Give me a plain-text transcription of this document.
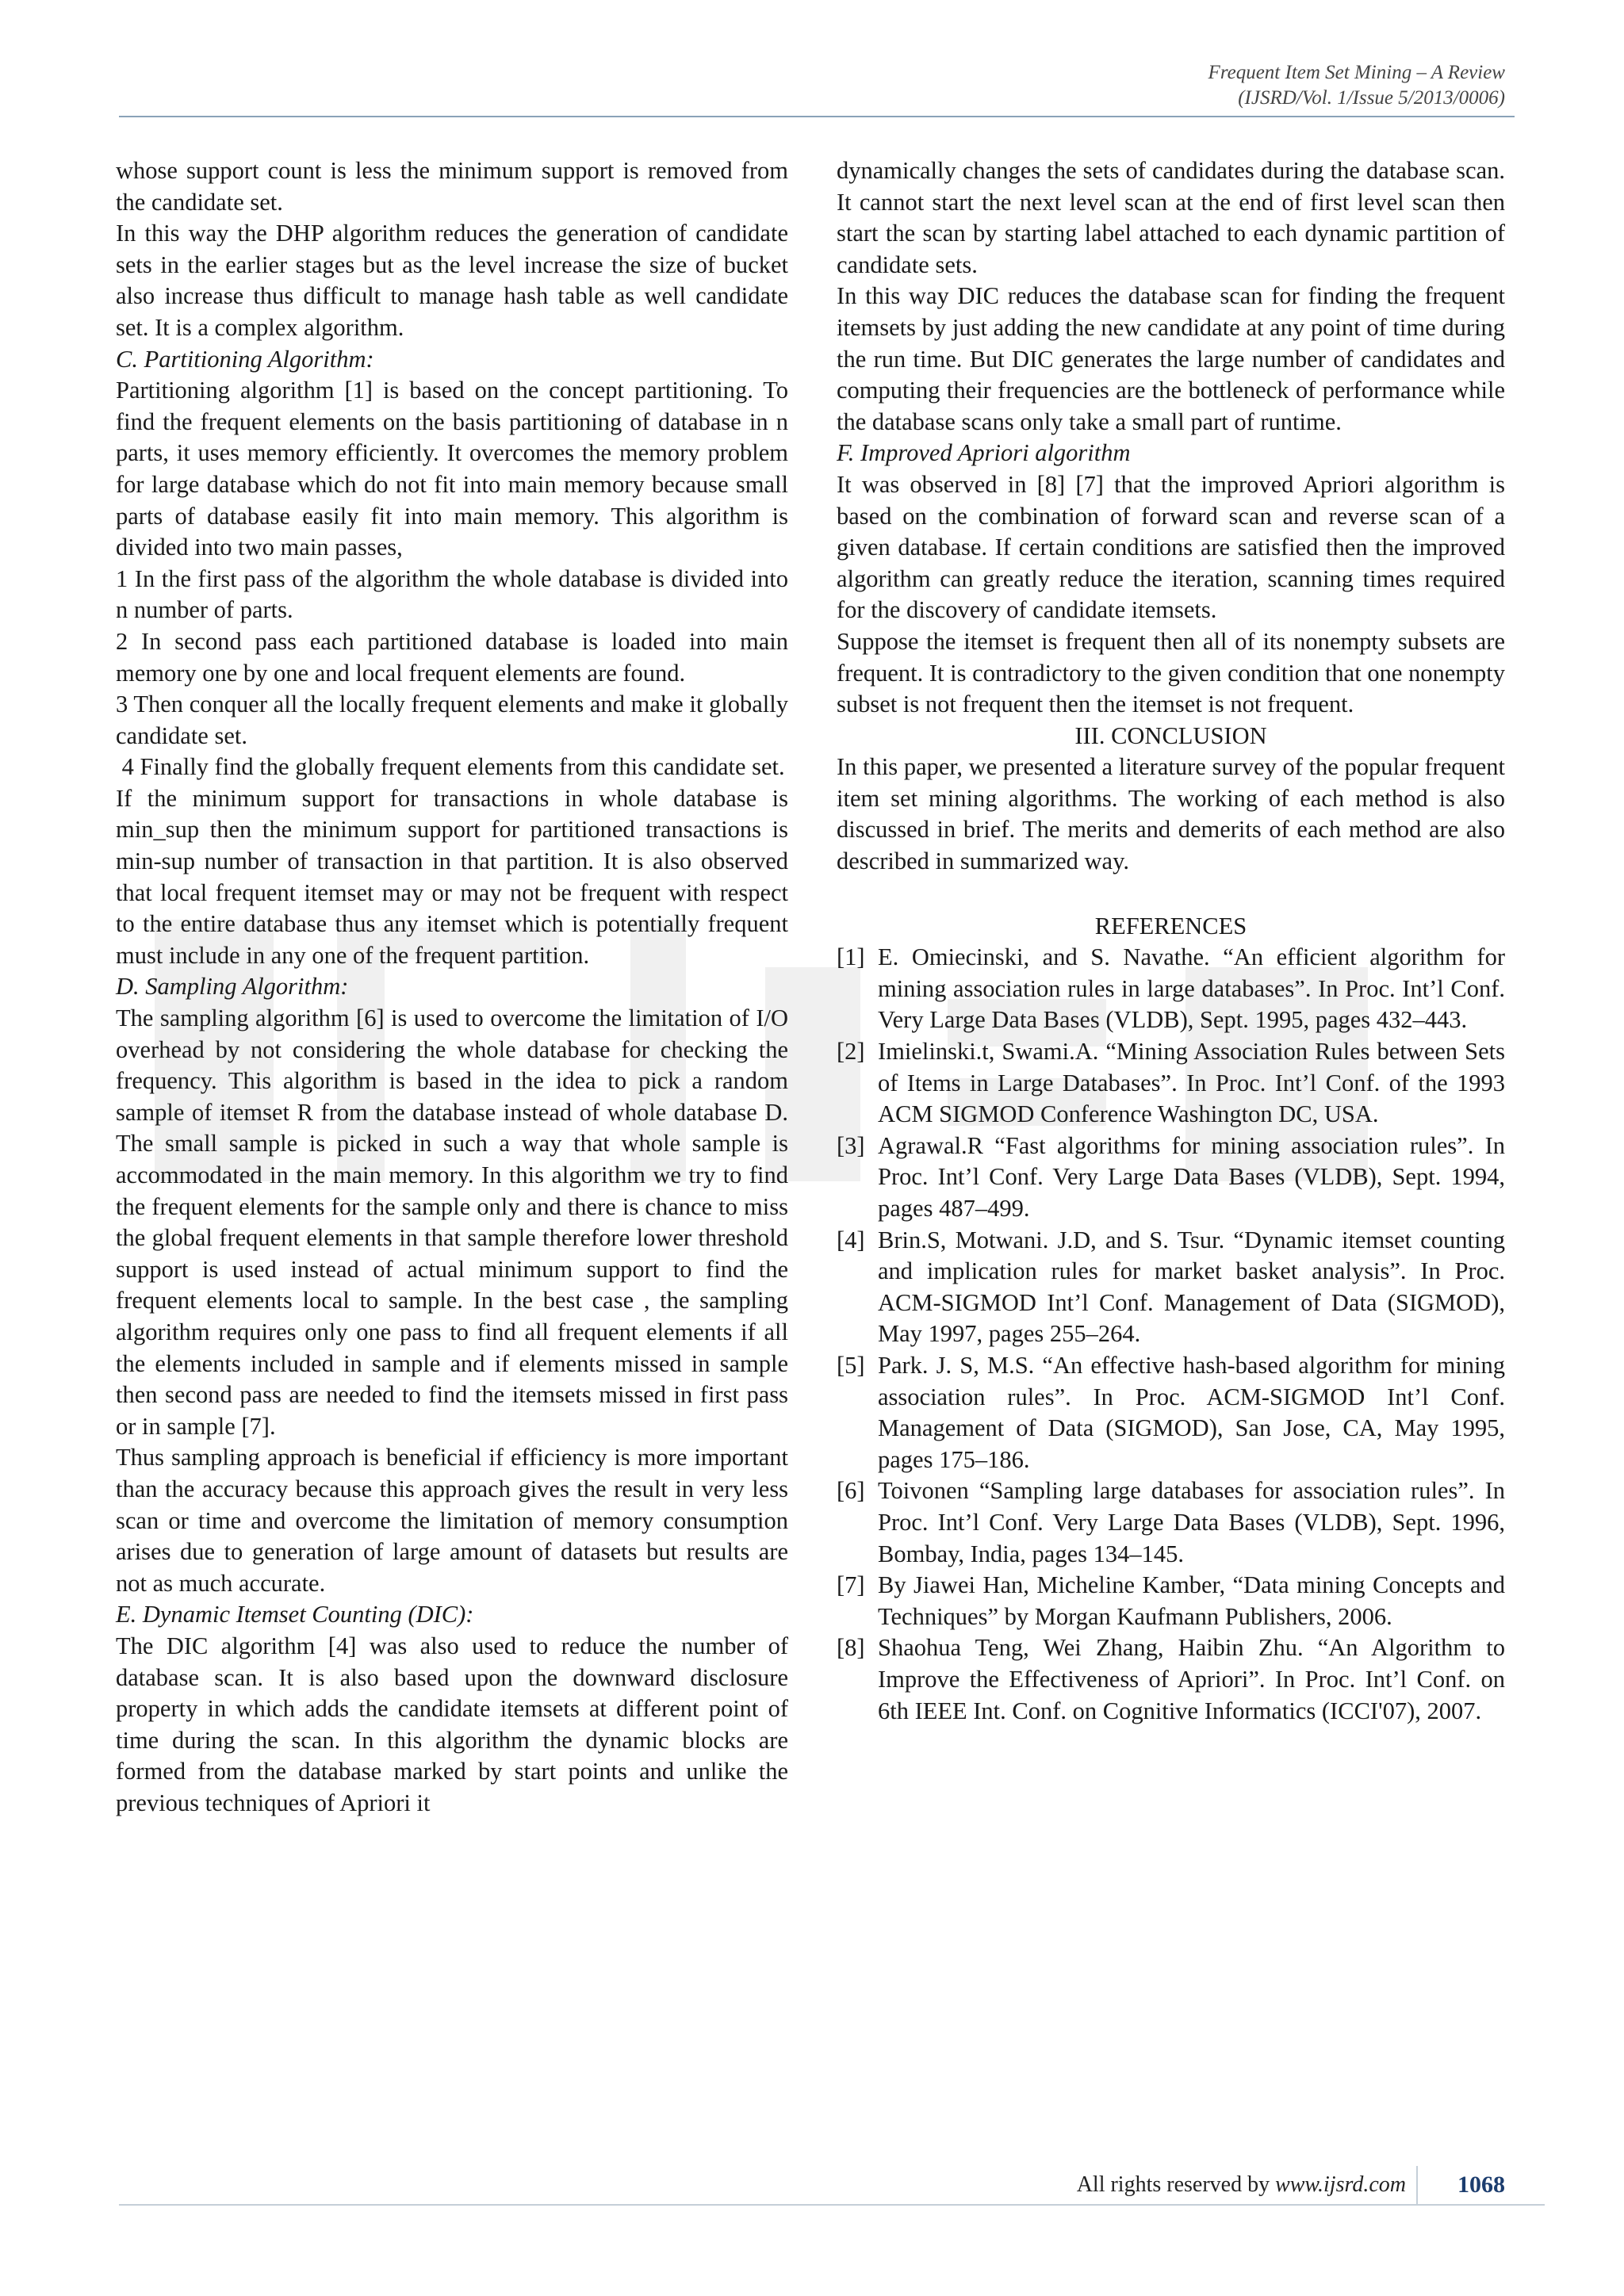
Frequent Item Set Mining – A Review
(IJSRD/Vol. 1/Issue 5/2013/0006)

whose support count is less the minimum support is removed from the candidate set.

In this way the DHP algorithm reduces the generation of candidate sets in the earlier stages but as the level increase the size of bucket also increase thus difficult to manage hash table as well candidate set. It is a complex algorithm.

C. Partitioning Algorithm:

Partitioning algorithm [1] is based on the concept partitioning. To find the frequent elements on the basis partitioning of database in n parts, it uses memory efficiently. It overcomes the memory problem for large database which do not fit into main memory because small parts of database easily fit into main memory. This algorithm is divided into two main passes,

1 In the first pass of the algorithm the whole database is divided into n number of parts.

2 In second pass each partitioned database is loaded into main memory one by one and local frequent elements are found.

3 Then conquer all the locally frequent elements and make it globally candidate set.

4 Finally find the globally frequent elements from this candidate set.

If the minimum support for transactions in whole database is min_sup then the minimum support for partitioned transactions is min-sup number of transaction in that partition. It is also observed that local frequent itemset may or may not be frequent with respect to the entire database thus any itemset which is potentially frequent must include in any one of the frequent partition.

D. Sampling Algorithm:

The sampling algorithm [6] is used to overcome the limitation of I/O overhead by not considering the whole database for checking the frequency. This algorithm is based in the idea to pick a random sample of itemset R from the database instead of whole database D. The small sample is picked in such a way that whole sample is accommodated in the main memory. In this algorithm we try to find the frequent elements for the sample only and there is chance to miss the global frequent elements in that sample therefore lower threshold support is used instead of actual minimum support to find the frequent elements local to sample. In the best case , the sampling algorithm requires only one pass to find all frequent elements if all the elements included in sample and if elements missed in sample then second pass are needed to find the itemsets missed in first pass or in sample [7].

Thus sampling approach is beneficial if efficiency is more important than the accuracy because this approach gives the result in very less scan or time and overcome the limitation of memory consumption arises due to generation of large amount of datasets but results are not as much accurate.

E. Dynamic Itemset Counting (DIC):

The DIC algorithm [4] was also used to reduce the number of database scan. It is also based upon the downward disclosure property in which adds the candidate itemsets at different point of time during the scan. In this algorithm the dynamic blocks are formed from the database marked by start points and unlike the previous techniques of Apriori it

dynamically changes the sets of candidates during the database scan. It cannot start the next level scan at the end of first level scan then start the scan by starting label attached to each dynamic partition of candidate sets.

In this way DIC reduces the database scan for finding the frequent itemsets by just adding the new candidate at any point of time during the run time. But DIC generates the large number of candidates and computing their frequencies are the bottleneck of performance while the database scans only take a small part of runtime.

F. Improved Apriori algorithm

It was observed in [8] [7] that the improved Apriori algorithm is based on the combination of forward scan and reverse scan of a given database. If certain conditions are satisfied then the improved algorithm can greatly reduce the iteration, scanning times required for the discovery of candidate itemsets.

Suppose the itemset is frequent then all of its nonempty subsets are frequent. It is contradictory to the given condition that one nonempty subset is not frequent then the itemset is not frequent.

III. CONCLUSION

In this paper, we presented a literature survey of the popular frequent item set mining algorithms. The working of each method is also discussed in brief. The merits and demerits of each method are also described in summarized way.

REFERENCES

[1] E. Omiecinski, and S. Navathe. “An efficient algorithm for mining association rules in large databases”. In Proc. Int’l Conf. Very Large Data Bases (VLDB), Sept. 1995, pages 432–443.
[2] Imielinski.t, Swami.A. “Mining Association Rules between Sets of Items in Large Databases”. In Proc. Int’l Conf. of the 1993 ACM SIGMOD Conference Washington DC, USA.
[3] Agrawal.R “Fast algorithms for mining association rules”. In Proc. Int’l Conf. Very Large Data Bases (VLDB), Sept. 1994, pages 487–499.
[4] Brin.S, Motwani. J.D, and S. Tsur. “Dynamic itemset counting and implication rules for market basket analysis”. In Proc. ACM-SIGMOD Int’l Conf. Management of Data (SIGMOD), May 1997, pages 255–264.
[5] Park. J. S, M.S. “An effective hash-based algorithm for mining association rules”. In Proc. ACM-SIGMOD Int’l Conf. Management of Data (SIGMOD), San Jose, CA, May 1995, pages 175–186.
[6] Toivonen “Sampling large databases for association rules”. In Proc. Int’l Conf. Very Large Data Bases (VLDB), Sept. 1996, Bombay, India, pages 134–145.
[7] By Jiawei Han, Micheline Kamber, “Data mining Concepts and Techniques” by Morgan Kaufmann Publishers, 2006.
[8] Shaohua Teng, Wei Zhang, Haibin Zhu. “An Algorithm to Improve the Effectiveness of Apriori”. In Proc. Int’l Conf. on 6th IEEE Int. Conf. on Cognitive Informatics (ICCI'07), 2007.
All rights reserved by www.ijsrd.com	1068
